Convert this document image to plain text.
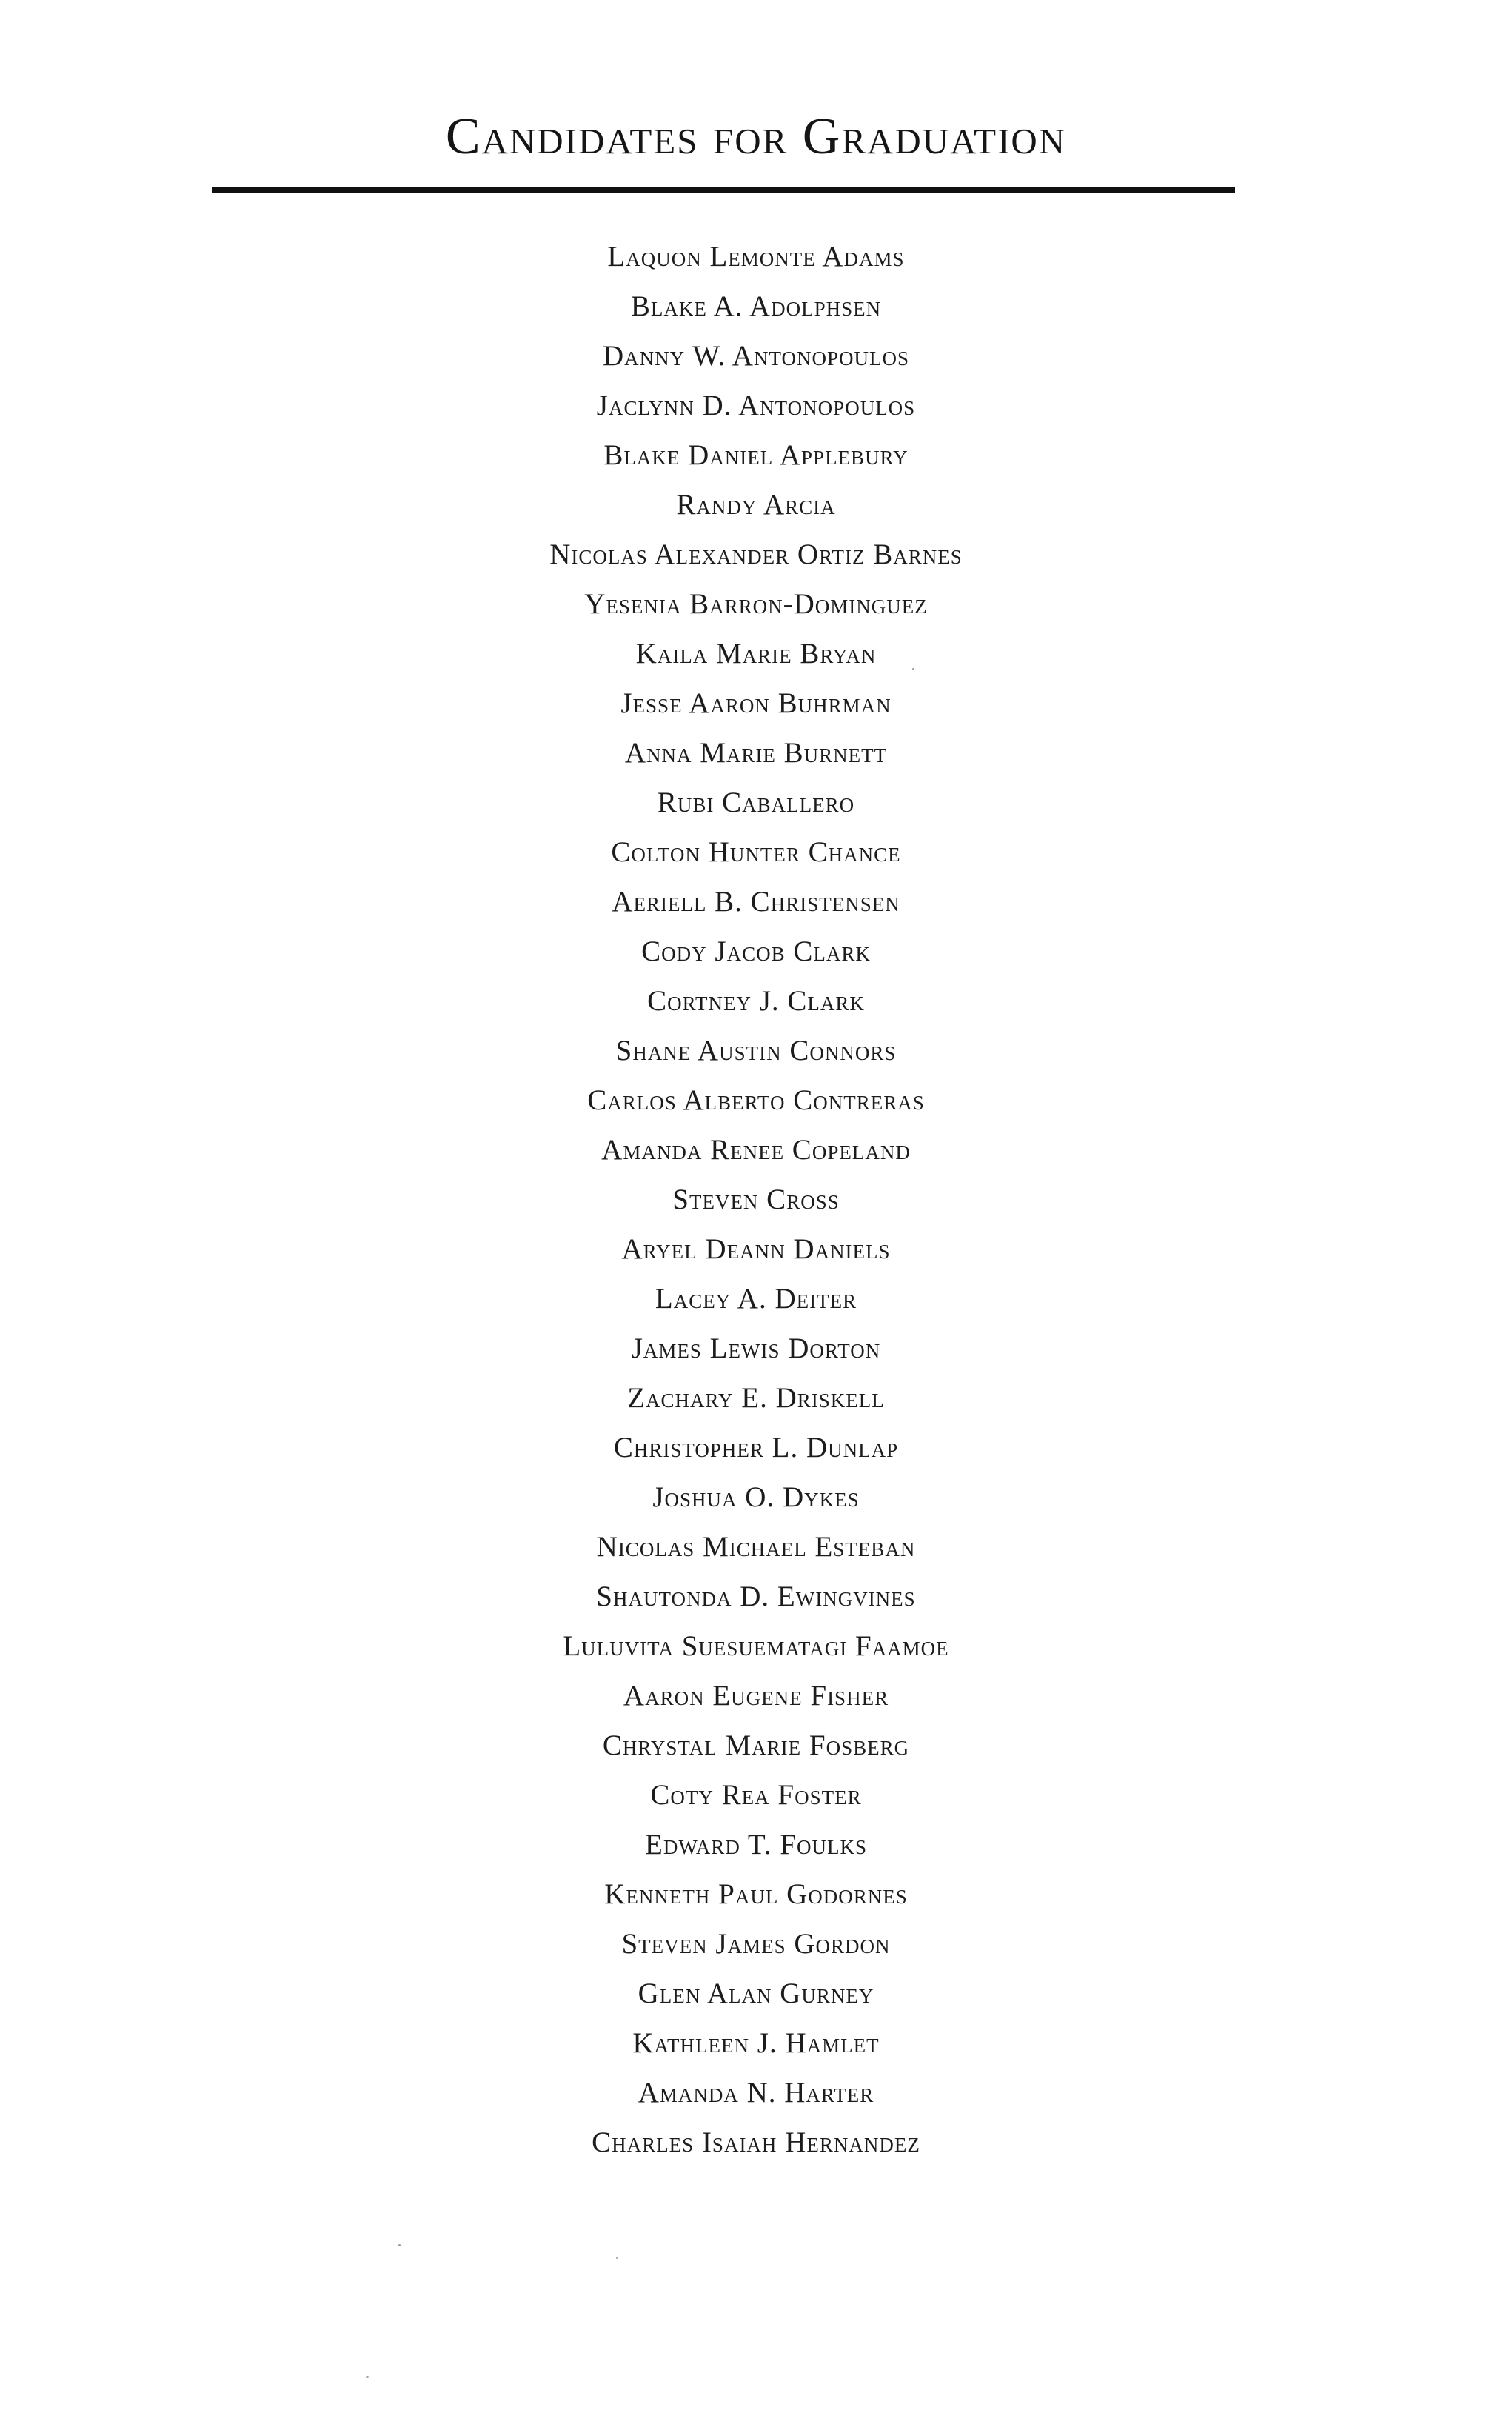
Candidates for Graduation
Laquon Lemonte Adams
Blake A. Adolphsen
Danny W. Antonopoulos
Jaclynn D. Antonopoulos
Blake Daniel Applebury
Randy Arcia
Nicolas Alexander Ortiz Barnes
Yesenia Barron-Dominguez
Kaila Marie Bryan
Jesse Aaron Buhrman
Anna Marie Burnett
Rubi Caballero
Colton Hunter Chance
Aeriell B. Christensen
Cody Jacob Clark
Cortney J. Clark
Shane Austin Connors
Carlos Alberto Contreras
Amanda Renee Copeland
Steven Cross
Aryel Deann Daniels
Lacey A. Deiter
James Lewis Dorton
Zachary E. Driskell
Christopher L. Dunlap
Joshua O. Dykes
Nicolas Michael Esteban
Shautonda D. Ewingvines
Luluvita Suesuematagi Faamoe
Aaron Eugene Fisher
Chrystal Marie Fosberg
Coty Rea Foster
Edward T. Foulks
Kenneth Paul Godornes
Steven James Gordon
Glen Alan Gurney
Kathleen J. Hamlet
Amanda N. Harter
Charles Isaiah Hernandez
